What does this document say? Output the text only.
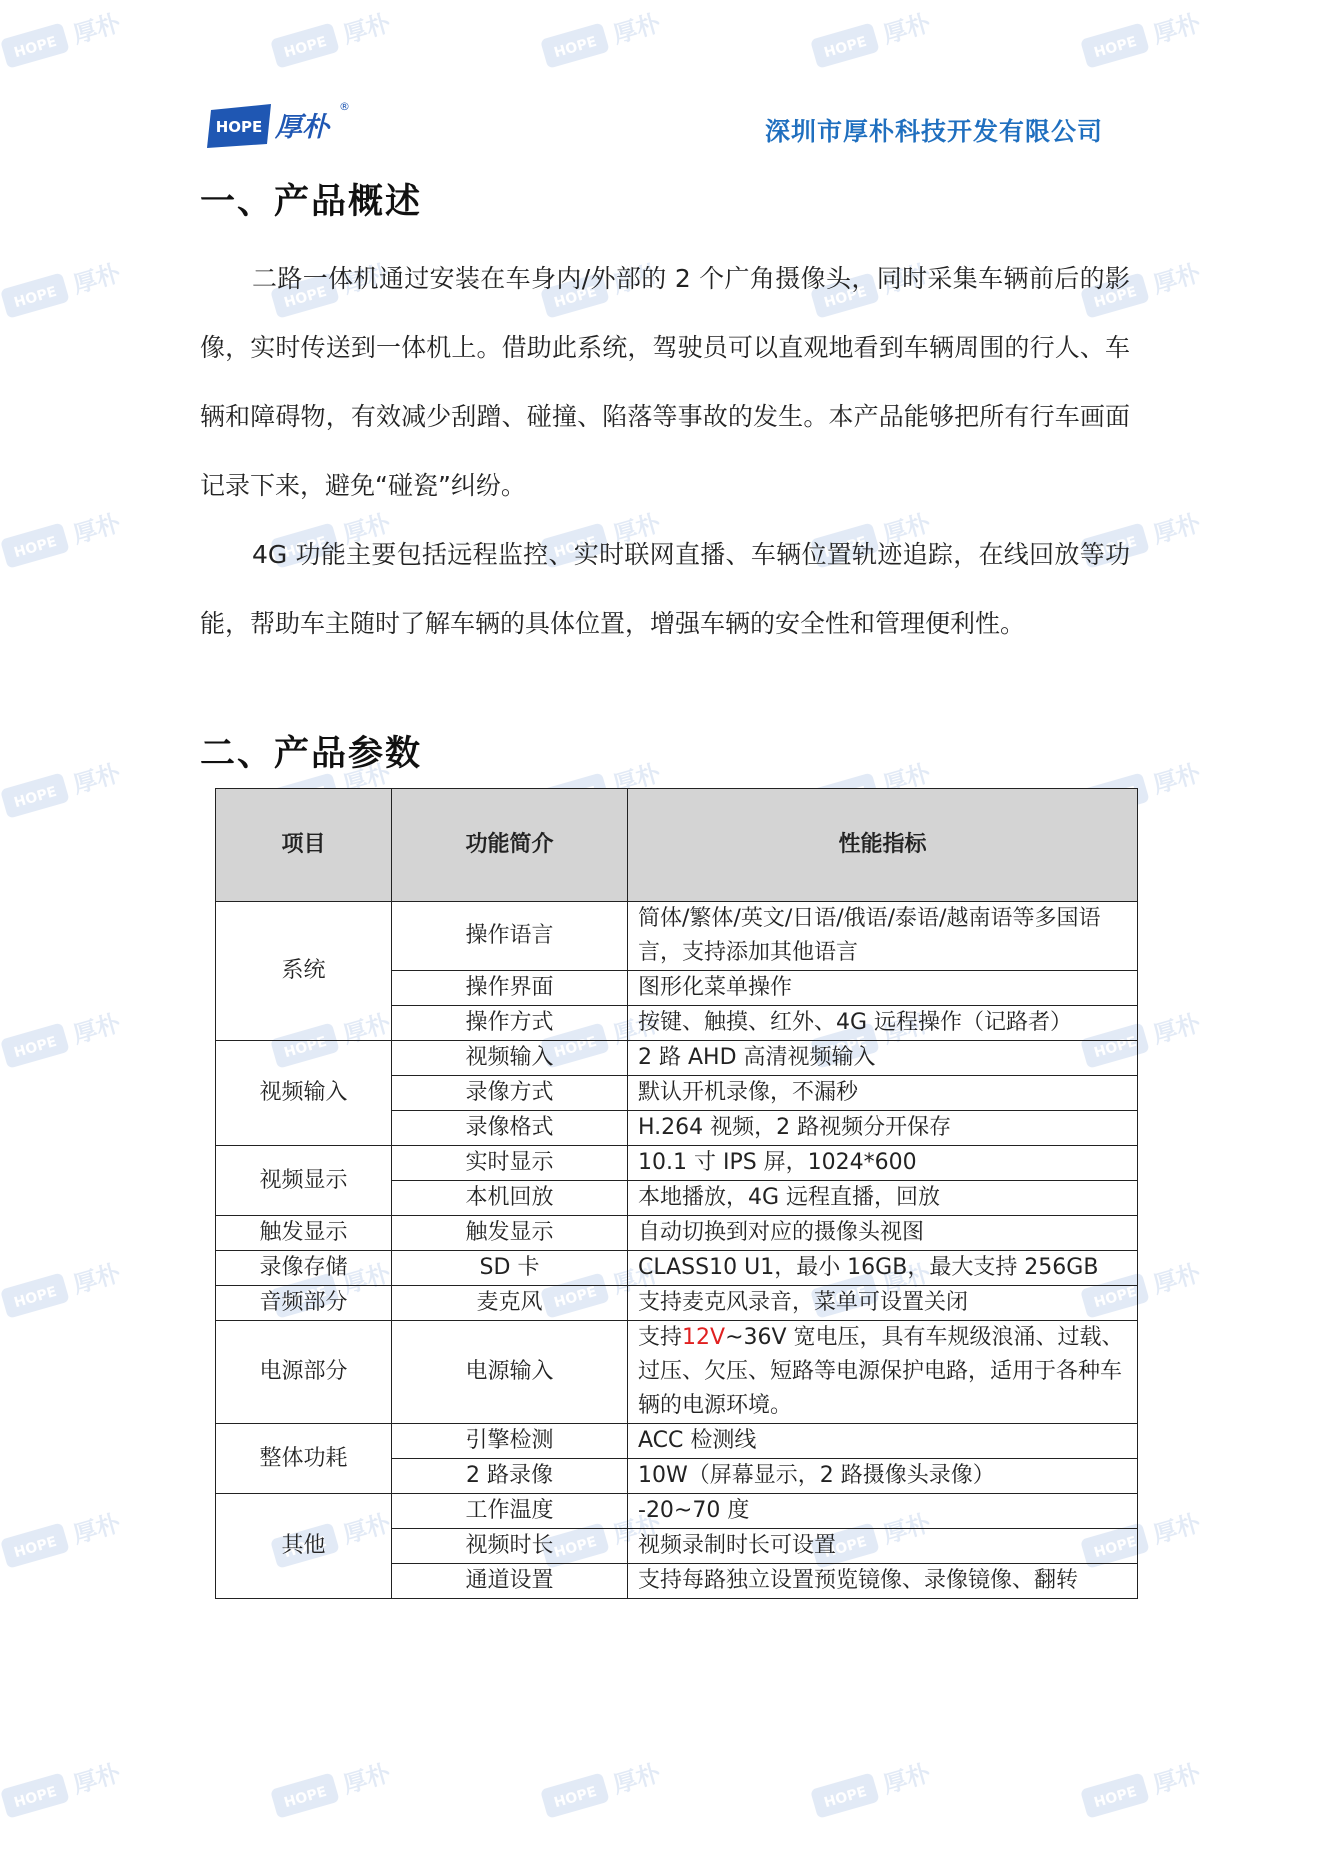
HOPE 厚朴
®
深圳市厚朴科技开发有限公司
一、产品概述

二路一体机通过安装在车身内/外部的 2 个广角摄像头，同时采集车辆前后的影像，实时传送到一体机上。借助此系统，驾驶员可以直观地看到车辆周围的行人、车辆和障碍物，有效减少刮蹭、碰撞、陷落等事故的发生。本产品能够把所有行车画面记录下来，避免“碰瓷”纠纷。

4G 功能主要包括远程监控、实时联网直播、车辆位置轨迹追踪，在线回放等功能，帮助车主随时了解车辆的具体位置，增强车辆的安全性和管理便利性。

二、产品参数
项目	功能简介	性能指标
系统	操作语言	简体/繁体/英文/日语/俄语/泰语/越南语等多国语言，支持添加其他语言
	操作界面	图形化菜单操作
	操作方式	按键、触摸、红外、4G 远程操作（记路者）
视频输入	视频输入	2 路 AHD 高清视频输入
	录像方式	默认开机录像，不漏秒
	录像格式	H.264 视频，2 路视频分开保存
视频显示	实时显示	10.1 寸 IPS 屏，1024*600
	本机回放	本地播放，4G 远程直播，回放
触发显示	触发显示	自动切换到对应的摄像头视图
录像存储	SD 卡	CLASS10 U1，最小 16GB，最大支持 256GB
音频部分	麦克风	支持麦克风录音，菜单可设置关闭
电源部分	电源输入	支持12V~36V 宽电压，具有车规级浪涌、过载、过压、欠压、短路等电源保护电路，适用于各种车辆的电源环境。
整体功耗	引擎检测	ACC 检测线
	2 路录像	10W（屏幕显示，2 路摄像头录像）
其他	工作温度	-20~70 度
	视频时长	视频录制时长可设置
	通道设置	支持每路独立设置预览镜像、录像镜像、翻转
